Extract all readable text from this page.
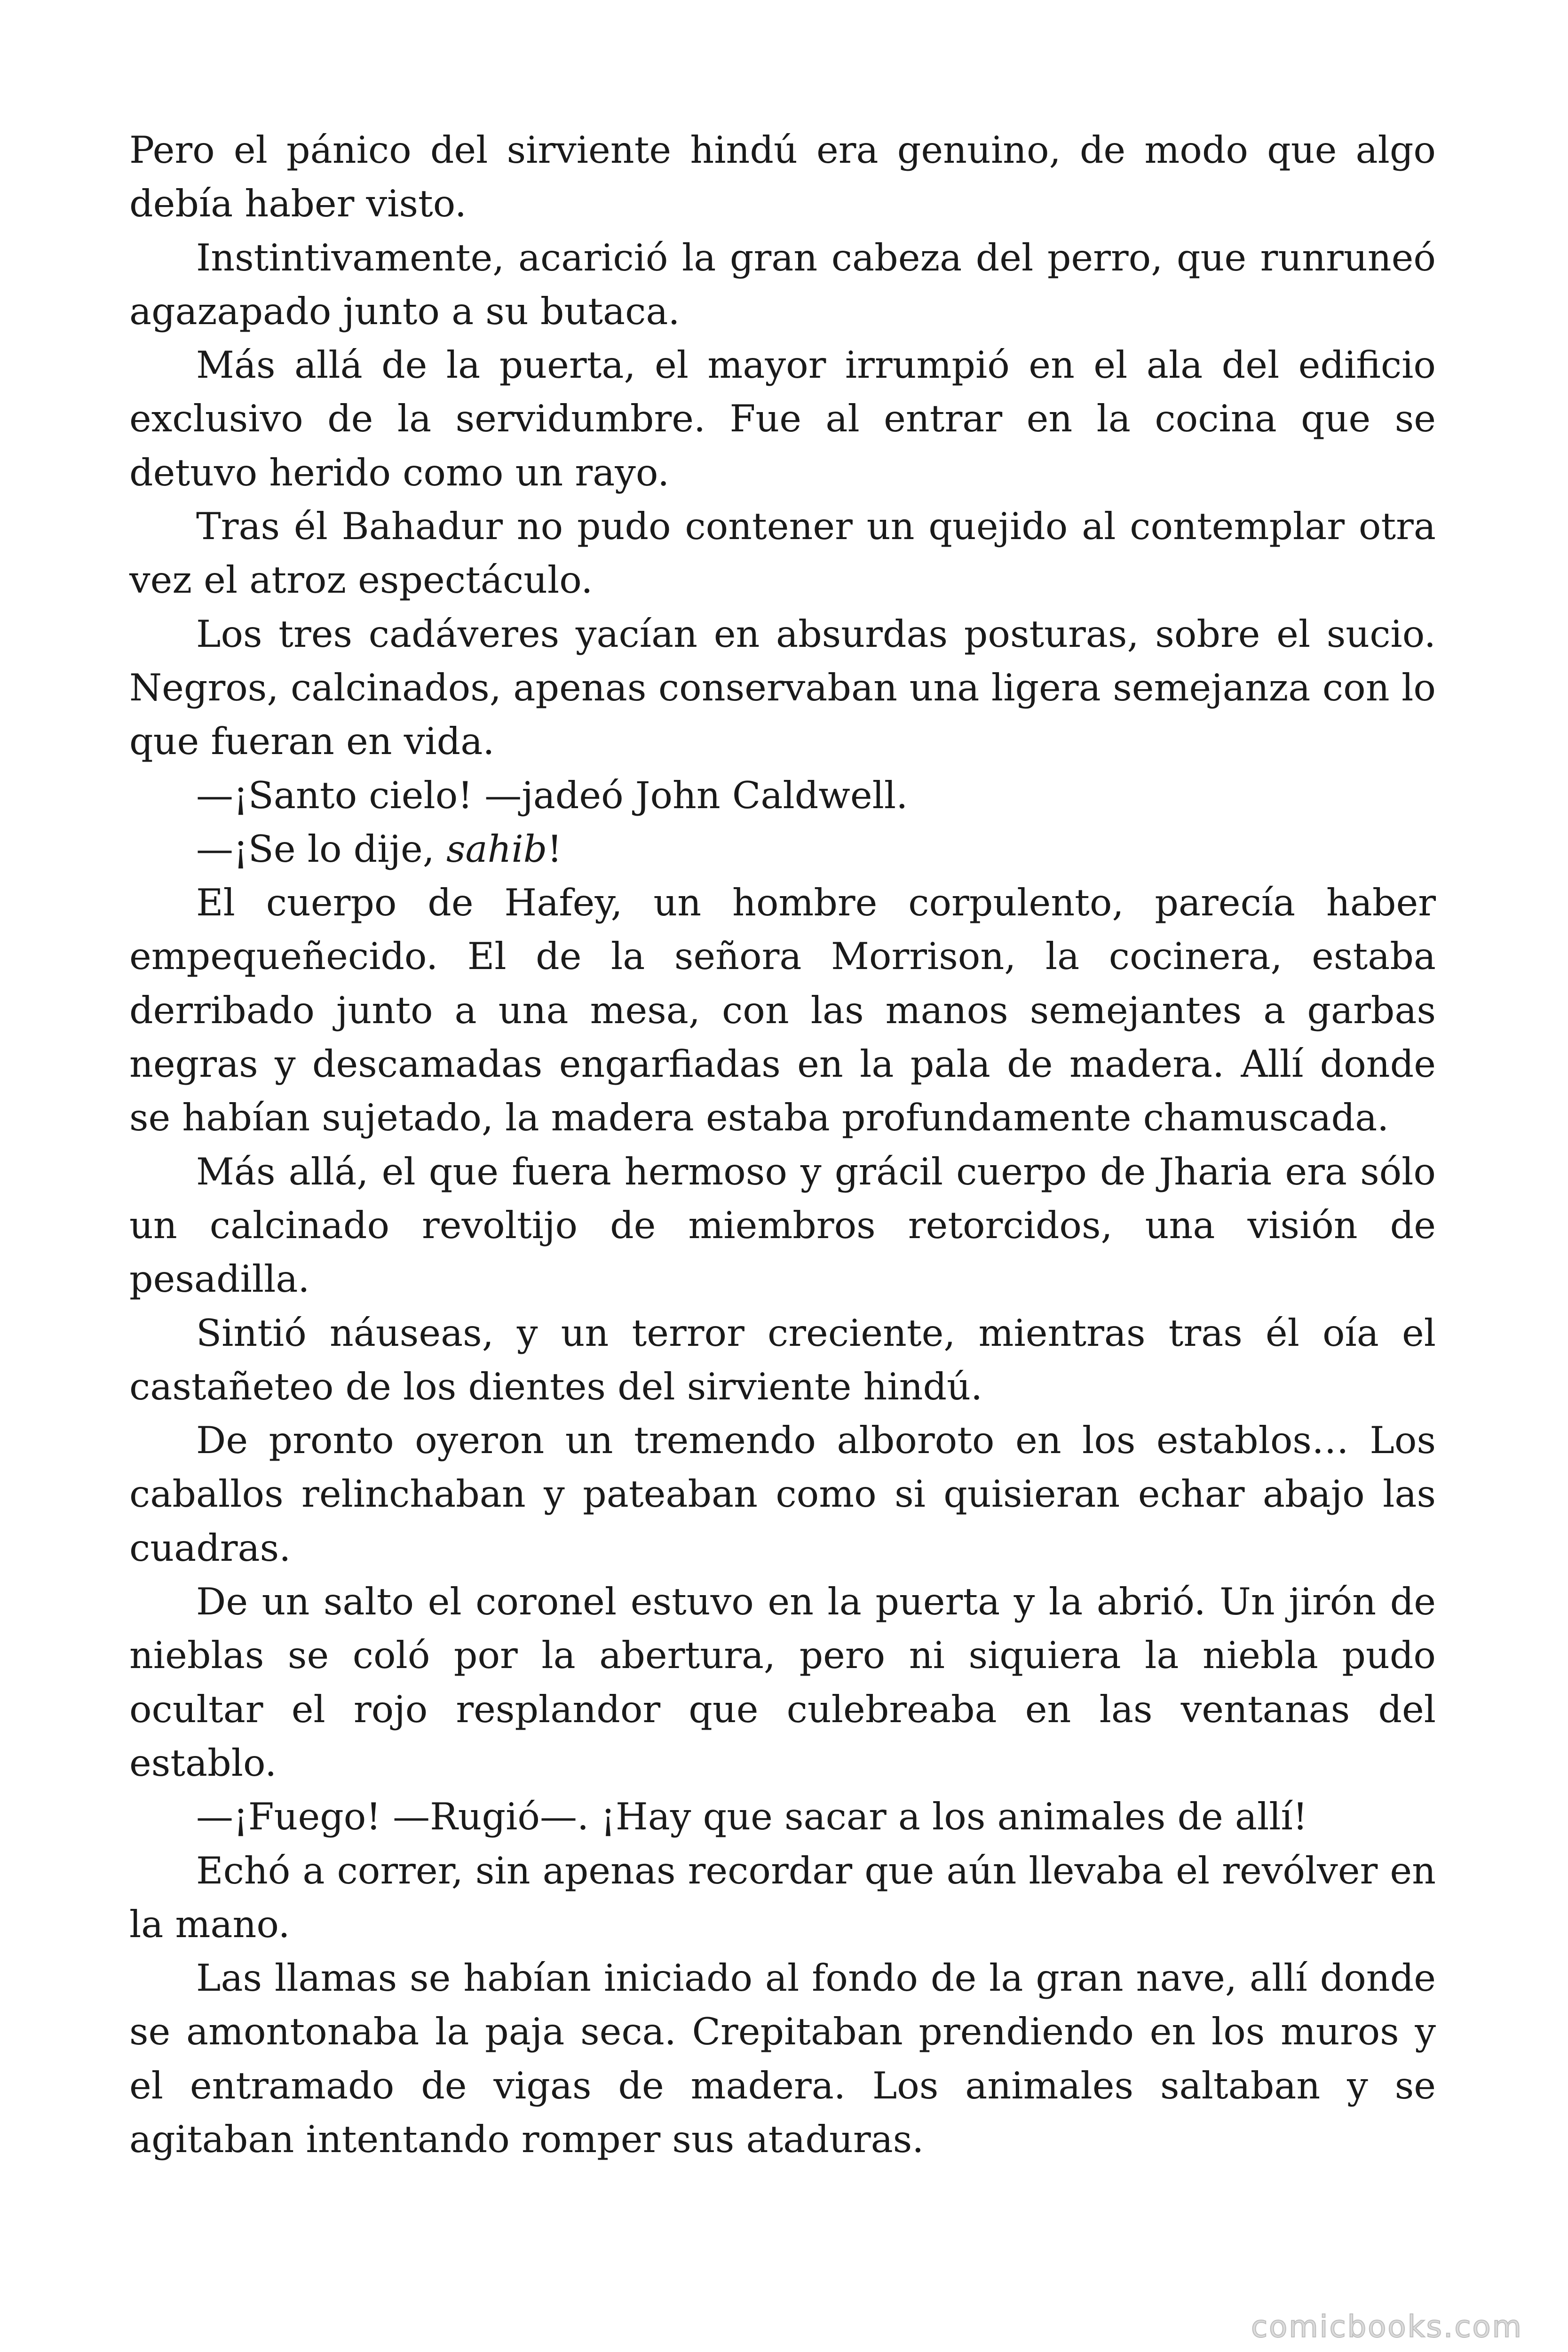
Pero el pánico del sirviente hindú era genuino, de modo que algo debía haber visto.

Instintivamente, acarició la gran cabeza del perro, que runruneó agazapado junto a su butaca.

Más allá de la puerta, el mayor irrumpió en el ala del edificio exclusivo de la servidumbre. Fue al entrar en la cocina que se detuvo herido como un rayo.

Tras él Bahadur no pudo contener un quejido al contemplar otra vez el atroz espectáculo.

Los tres cadáveres yacían en absurdas posturas, sobre el sucio. Negros, calcinados, apenas conservaban una ligera semejanza con lo que fueran en vida.

—¡Santo cielo! —jadeó John Caldwell.

—¡Se lo dije, sahib!

El cuerpo de Hafey, un hombre corpulento, parecía haber empequeñecido. El de la señora Morrison, la cocinera, estaba derribado junto a una mesa, con las manos semejantes a garbas negras y descamadas engarfiadas en la pala de madera. Allí donde se habían sujetado, la madera estaba profundamente chamuscada.

Más allá, el que fuera hermoso y grácil cuerpo de Jharia era sólo un calcinado revoltijo de miembros retorcidos, una visión de pesadilla.

Sintió náuseas, y un terror creciente, mientras tras él oía el castañeteo de los dientes del sirviente hindú.

De pronto oyeron un tremendo alboroto en los establos… Los caballos relinchaban y pateaban como si quisieran echar abajo las cuadras.

De un salto el coronel estuvo en la puerta y la abrió. Un jirón de nieblas se coló por la abertura, pero ni siquiera la niebla pudo ocultar el rojo resplandor que culebreaba en las ventanas del establo.

—¡Fuego! —Rugió—. ¡Hay que sacar a los animales de allí!

Echó a correr, sin apenas recordar que aún llevaba el revólver en la mano.

Las llamas se habían iniciado al fondo de la gran nave, allí donde se amontonaba la paja seca. Crepitaban prendiendo en los muros y el entramado de vigas de madera. Los animales saltaban y se agitaban intentando romper sus ataduras.

comicbooks.com
